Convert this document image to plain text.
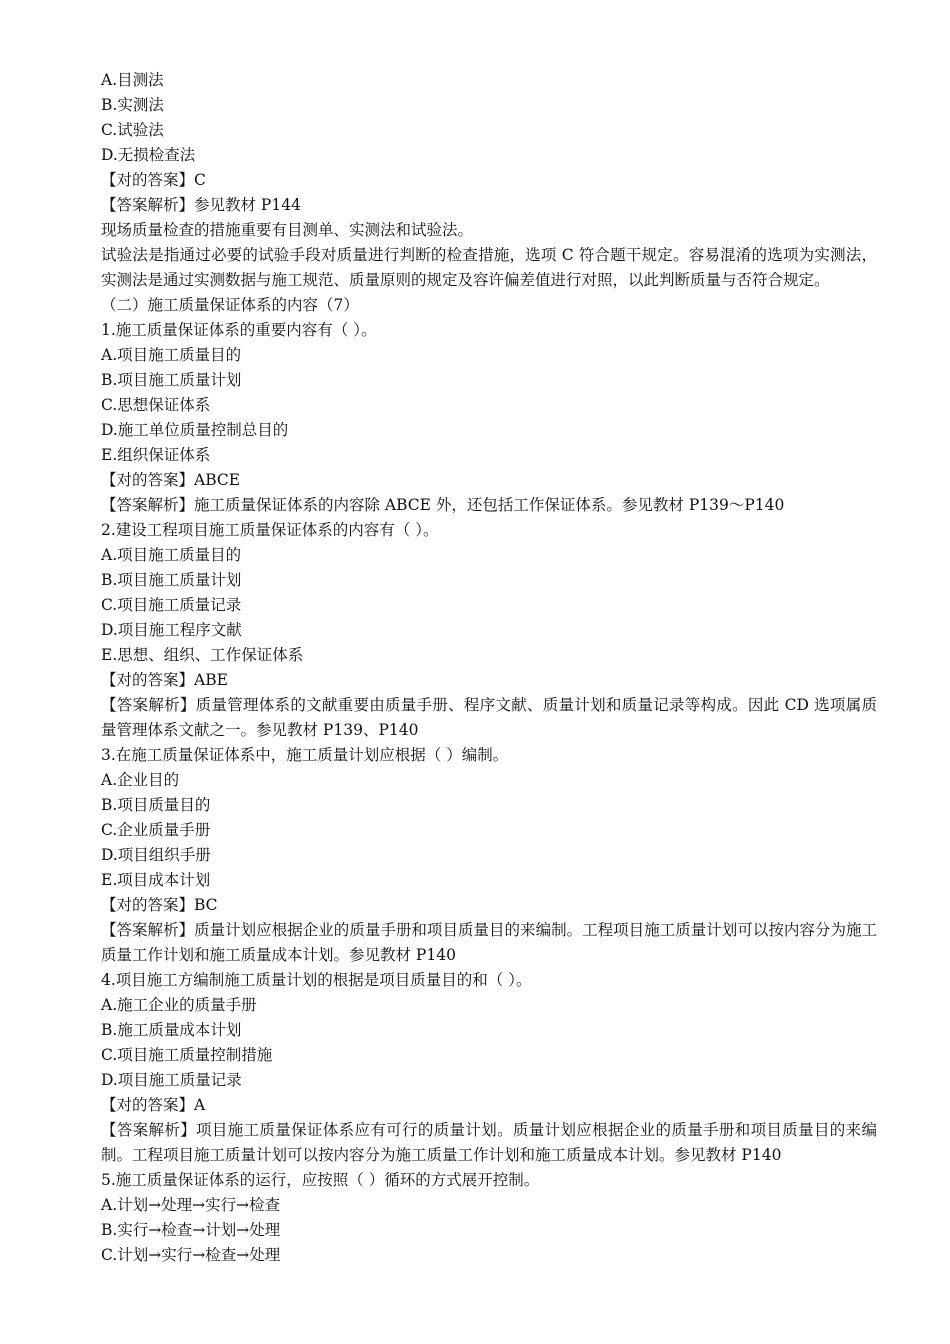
A.目测法
B.实测法
C.试验法
D.无损检查法
【对的答案】C
【答案解析】参见教材 P144
现场质量检查的措施重要有目测单、实测法和试验法。
试验法是指通过必要的试验手段对质量进行判断的检查措施，选项 C 符合题干规定。容易混淆的选项为实测法，实测法是通过实测数据与施工规范、质量原则的规定及容许偏差值进行对照，以此判断质量与否符合规定。
（二）施工质量保证体系的内容（7）
1.施工质量保证体系的重要内容有（ ）。
A.项目施工质量目的
B.项目施工质量计划
C.思想保证体系
D.施工单位质量控制总目的
E.组织保证体系
【对的答案】ABCE
【答案解析】施工质量保证体系的内容除 ABCE 外，还包括工作保证体系。参见教材 P139～P140
2.建设工程项目施工质量保证体系的内容有（ ）。
A.项目施工质量目的
B.项目施工质量计划
C.项目施工质量记录
D.项目施工程序文献
E.思想、组织、工作保证体系
【对的答案】ABE
【答案解析】质量管理体系的文献重要由质量手册、程序文献、质量计划和质量记录等构成。因此 CD 选项属质量管理体系文献之一。参见教材 P139、P140
3.在施工质量保证体系中，施工质量计划应根据（ ）编制。
A.企业目的
B.项目质量目的
C.企业质量手册
D.项目组织手册
E.项目成本计划
【对的答案】BC
【答案解析】质量计划应根据企业的质量手册和项目质量目的来编制。工程项目施工质量计划可以按内容分为施工质量工作计划和施工质量成本计划。参见教材 P140
4.项目施工方编制施工质量计划的根据是项目质量目的和（ ）。
A.施工企业的质量手册
B.施工质量成本计划
C.项目施工质量控制措施
D.项目施工质量记录
【对的答案】A
【答案解析】项目施工质量保证体系应有可行的质量计划。质量计划应根据企业的质量手册和项目质量目的来编制。工程项目施工质量计划可以按内容分为施工质量工作计划和施工质量成本计划。参见教材 P140
5.施工质量保证体系的运行，应按照（ ）循环的方式展开控制。
A.计划→处理→实行→检查
B.实行→检查→计划→处理
C.计划→实行→检查→处理
